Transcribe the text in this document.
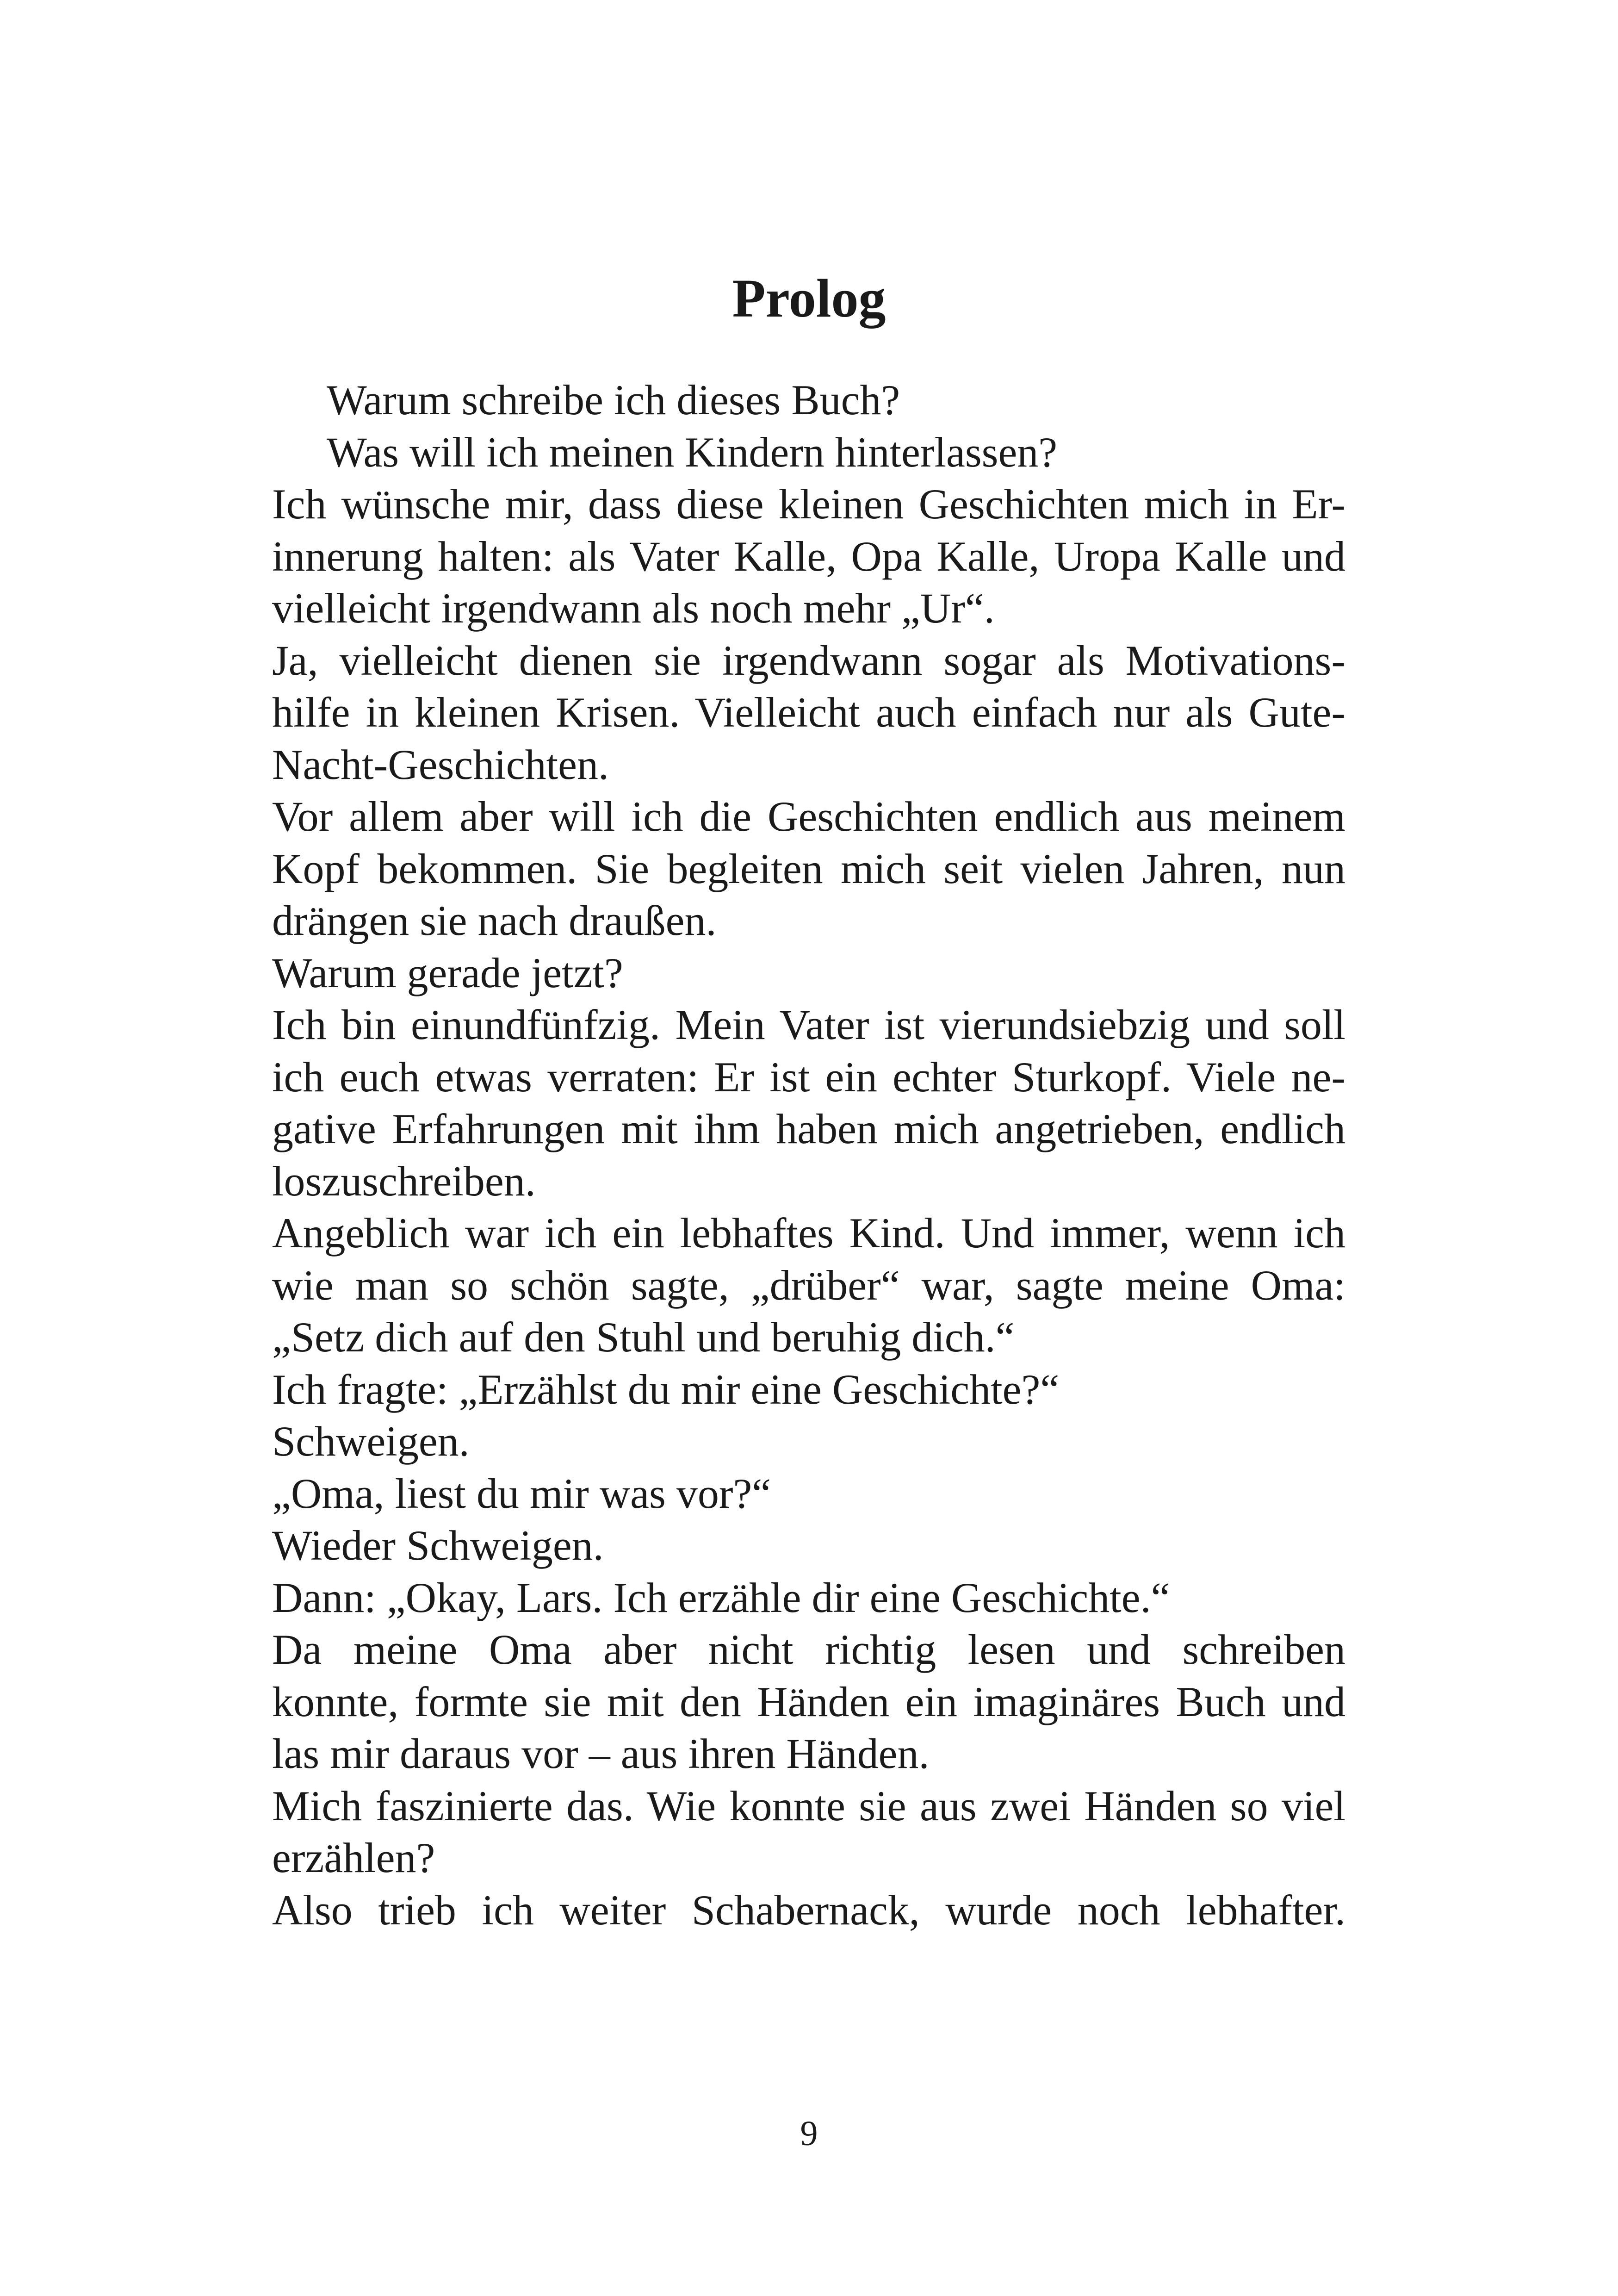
Prolog
Warum schreibe ich dieses Buch?
Was will ich meinen Kindern hinterlassen?
Ich wünsche mir, dass diese kleinen Geschichten mich in Er-
innerung halten: als Vater Kalle, Opa Kalle, Uropa Kalle und
vielleicht irgendwann als noch mehr „Ur“.
Ja, vielleicht dienen sie irgendwann sogar als Motivations-
hilfe in kleinen Krisen. Vielleicht auch einfach nur als Gute-
Nacht-Geschichten.
Vor allem aber will ich die Geschichten endlich aus meinem
Kopf bekommen. Sie begleiten mich seit vielen Jahren, nun
drängen sie nach draußen.
Warum gerade jetzt?
Ich bin einundfünfzig. Mein Vater ist vierundsiebzig und soll
ich euch etwas verraten: Er ist ein echter Sturkopf. Viele ne-
gative Erfahrungen mit ihm haben mich angetrieben, endlich
loszuschreiben.
Angeblich war ich ein lebhaftes Kind. Und immer, wenn ich
wie man so schön sagte, „drüber“ war, sagte meine Oma:
„Setz dich auf den Stuhl und beruhig dich.“
Ich fragte: „Erzählst du mir eine Geschichte?“
Schweigen.
„Oma, liest du mir was vor?“
Wieder Schweigen.
Dann: „Okay, Lars. Ich erzähle dir eine Geschichte.“
Da meine Oma aber nicht richtig lesen und schreiben
konnte, formte sie mit den Händen ein imaginäres Buch und
las mir daraus vor – aus ihren Händen.
Mich faszinierte das. Wie konnte sie aus zwei Händen so viel
erzählen?
Also trieb ich weiter Schabernack, wurde noch lebhafter.
9
